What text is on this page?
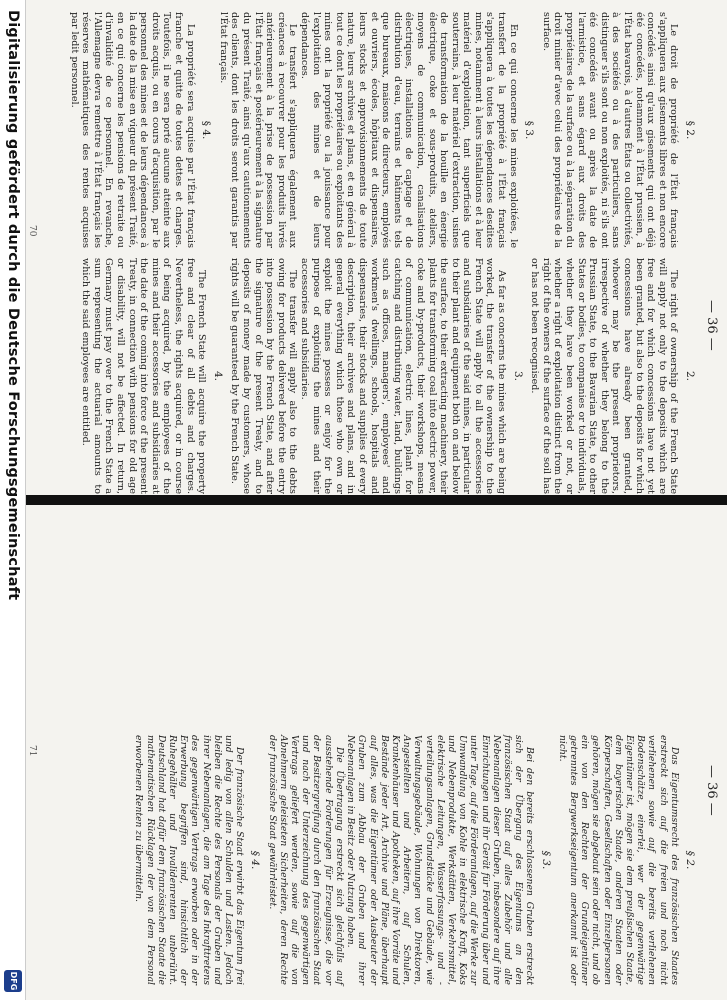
— 36 —
70
§ 2.

Le droit de propriété de l'État français s'appliquera aux gisements libres et non encore concédés ainsi qu'aux gisements qui ont déjà été concédés, notamment à l'État prussien, à l'État bavarois, à d'autres États ou collectivités, à des sociétés ou à des particuliers, sans distinguer s'ils sont ou non exploités, ni s'ils ont été concédés avant ou après la date de l'armistice, et sans égard aux droits des propriétaires de la surface ou à la séparation du droit minier d'avec celui des propriétaires de la surface.

§ 3.

En ce qui concerne les mines exploitées, le transfert de la propriété à l'État français s'appliquera à toutes les dépendances desdites mines, notamment à leurs installations et à leur matériel d'exploitation, tant superficiels que souterrains, à leur matériel d'extraction, usines de transformation de la houille en énergie électrique, coke et sous-produits, ateliers, moyens de communication, canalisations électriques, installations de captage et de distribution d'eau, terrains et bâtiments tels que bureaux, maisons de directeurs, employés et ouvriers, écoles, hôpitaux et dispensaires, leurs stocks et approvisionnements de toute nature, leurs archives et plans, et en général à tout ce dont les propriétaires ou exploitants des mines ont la propriété ou la jouissance pour l'exploitation des mines et de leurs dépendances.

Le transfert s'appliquera également aux créances à recouvrer pour les produits livrés antérieurement à la prise de possession par l'État français et postérieurement à la signature du présent Traité, ainsi qu'aux cautionnements des clients, dont les droits seront garantis par l'État français.

§ 4.

La propriété sera acquise par l'État français franche et quitte de toutes dettes et charges. Toutefois, il ne sera porté aucune atteinte aux droits acquis, ou en cours d'acquisition, par le personnel des mines et de leurs dépendances à la date de la mise en vigueur du présent Traité, en ce qui concerne les pensions de retraite ou d'invalidité de ce personnel. En revanche, l'Allemagne devra remettre à l'État français les réserves mathématiques des rentes acquises par ledit personnel.

2.

The right of ownership of the French State will apply not only to the deposits which are free and for which concessions have not yet been granted, but also to the deposits for which concessions have already been granted, whoever may be the present proprietors, irrespective of whether they belong to the Prussian State, to the Bavarian State, to other States or bodies, to companies or to individuals, whether they have been worked or not, or whether a right of exploitation distinct from the right of the owners of the surface of the soil has or has not been recognised.

3.

As far as concerns the mines which are being worked, the transfer of the ownership to the French State will apply to all the accessories and subsidiaries of the said mines, in particular to their plant and equipment both on and below the surface, to their extracting machinery, their plants for transforming coal into electric power, coke and by-products, their workshops, means of communication, electric lines, plant for catching and distributing water, land, buildings such as offices, managers', employees' and workmen's dwellings, schools, hospitals and dispensaries, their stocks and supplies of every description, their archives and plans, and in general everything which those who own or exploit the mines possess or enjoy for the purpose of exploiting the mines and their accessories and subsidiaries.

The transfer will apply also to the debts owing for products delivered before the entry into possession by the French State, and after the signature of the present Treaty, and to deposits of money made by customers, whose rights will be guaranteed by the French State.

4.

The French State will acquire the property free and clear of all debts and charges. Nevertheless, the rights acquired, or in course of being acquired, by the employees of the mines and their accessories and subsidiaries at the date of the coming into force of the present Treaty, in connection with pensions for old age or disability, will not be affected. In return, Germany must pay over to the French State a sum representing the actuarial amounts to which the said employees are entitled.

— 36 —
71
§ 2.

Das Eigentumsrecht des französischen Staates erstreckt sich auf die freien und noch nicht verliehenen sowie auf die bereits verliehenen Bodenschätze, einerlei, wer der gegenwärtige Eigentümer ist, mögen sie dem preußischen Staate, dem bayerischen Staate, anderen Staaten oder Körperschaften, Gesellschaften oder Einzelpersonen gehören, mögen sie abgebaut sein oder nicht, und ob ein von den Rechten der Grundeigentümer getrenntes Bergwerkseigentum anerkannt ist oder nicht.

§ 3.

Bei den bereits erschlossenen Gruben erstreckt sich der Übergang des Eigentums an den französischen Staat auf alles Zubehör und alle Nebenanlagen dieser Gruben, insbesondere auf ihre Einrichtungen und ihr Gerät für Förderung über und unter Tage, auf die Förderanlagen, auf die Werke zur Umwandlung von Kohle in elektrische Kraft, Koks und Nebenprodukte, Werkstätten, Verkehrsmittel, elektrische Leitungen, Wasserfassungs- und -verteilungsanlagen, Grundstücke und Gebäude, wie Verwaltungsgebäude, Wohnungen von Direktoren, Angestellten und Arbeitern, auf Schulen, Krankenhäuser und Apotheken, auf ihre Vorräte und Bestände jeder Art, Archive und Pläne, überhaupt auf alles, was die Eigentümer oder Ausbeuter der Gruben zum Abbau der Gruben und ihrer Nebenanlagen in Besitz oder Nutzung haben.

Die Übertragung erstreckt sich gleichfalls auf ausstehende Forderungen für Erzeugnisse, die vor der Besitzergreifung durch den französischen Staat und nach der Unterzeichnung des gegenwärtigen Vertrags geliefert werden, sowie auf die von Abnehmern geleisteten Sicherheiten, deren Rechte der französische Staat gewährleistet.

§ 4.

Der französische Staat erwirbt das Eigentum frei und ledig von allen Schulden und Lasten. Jedoch bleiben die Rechte des Personals der Gruben und ihrer Nebenanlagen, die am Tage des Inkrafttretens des gegenwärtigen Vertrags erworben oder in der Erwerbung begriffen sind, hinsichtlich der Ruhegehälter und Invalidenrenten unberührt. Deutschland hat dafür dem französischen Staate die mathematischen Rücklagen der von dem Personal erworbenen Renten zu übermitteln.

Digitalisierung gefördert durch die Deutsche Forschungsgemeinschaft
DFG
